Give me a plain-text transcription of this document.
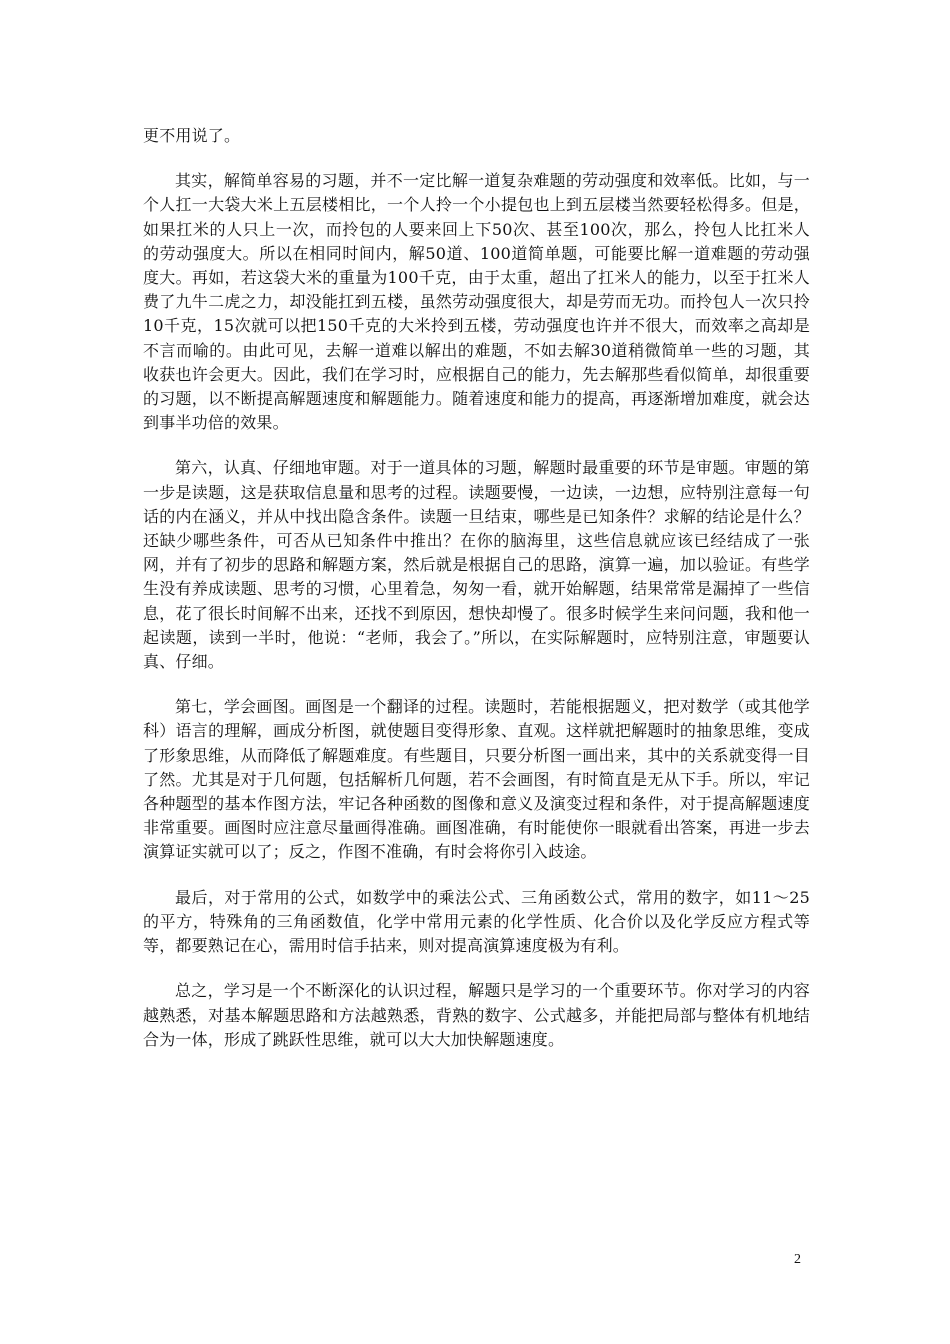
更不用说了。

其实，解简单容易的习题，并不一定比解一道复杂难题的劳动强度和效率低。比如，与一个人扛一大袋大米上五层楼相比，一个人拎一个小提包也上到五层楼当然要轻松得多。但是，如果扛米的人只上一次，而拎包的人要来回上下50次、甚至100次，那么，拎包人比扛米人的劳动强度大。所以在相同时间内，解50道、100道简单题，可能要比解一道难题的劳动强度大。再如，若这袋大米的重量为100千克，由于太重，超出了扛米人的能力，以至于扛米人费了九牛二虎之力，却没能扛到五楼，虽然劳动强度很大，却是劳而无功。而拎包人一次只拎10千克，15次就可以把150千克的大米拎到五楼，劳动强度也许并不很大，而效率之高却是不言而喻的。由此可见，去解一道难以解出的难题，不如去解30道稍微简单一些的习题，其收获也许会更大。因此，我们在学习时，应根据自己的能力，先去解那些看似简单，却很重要的习题，以不断提高解题速度和解题能力。随着速度和能力的提高，再逐渐增加难度，就会达到事半功倍的效果。

第六，认真、仔细地审题。对于一道具体的习题，解题时最重要的环节是审题。审题的第一步是读题，这是获取信息量和思考的过程。读题要慢，一边读，一边想，应特别注意每一句话的内在涵义，并从中找出隐含条件。读题一旦结束，哪些是已知条件？求解的结论是什么？还缺少哪些条件，可否从已知条件中推出？在你的脑海里，这些信息就应该已经结成了一张网，并有了初步的思路和解题方案，然后就是根据自己的思路，演算一遍，加以验证。有些学生没有养成读题、思考的习惯，心里着急，匆匆一看，就开始解题，结果常常是漏掉了一些信息，花了很长时间解不出来，还找不到原因，想快却慢了。很多时候学生来问问题，我和他一起读题，读到一半时，他说：“老师，我会了。”所以，在实际解题时，应特别注意，审题要认真、仔细。

第七，学会画图。画图是一个翻译的过程。读题时，若能根据题义，把对数学（或其他学科）语言的理解，画成分析图，就使题目变得形象、直观。这样就把解题时的抽象思维，变成了形象思维，从而降低了解题难度。有些题目，只要分析图一画出来，其中的关系就变得一目了然。尤其是对于几何题，包括解析几何题，若不会画图，有时简直是无从下手。所以，牢记各种题型的基本作图方法，牢记各种函数的图像和意义及演变过程和条件，对于提高解题速度非常重要。画图时应注意尽量画得准确。画图准确，有时能使你一眼就看出答案，再进一步去演算证实就可以了；反之，作图不准确，有时会将你引入歧途。

最后，对于常用的公式，如数学中的乘法公式、三角函数公式，常用的数字，如11～25的平方，特殊角的三角函数值，化学中常用元素的化学性质、化合价以及化学反应方程式等等，都要熟记在心，需用时信手拈来，则对提高演算速度极为有利。

总之，学习是一个不断深化的认识过程，解题只是学习的一个重要环节。你对学习的内容越熟悉，对基本解题思路和方法越熟悉，背熟的数字、公式越多，并能把局部与整体有机地结合为一体，形成了跳跃性思维，就可以大大加快解题速度。

2
